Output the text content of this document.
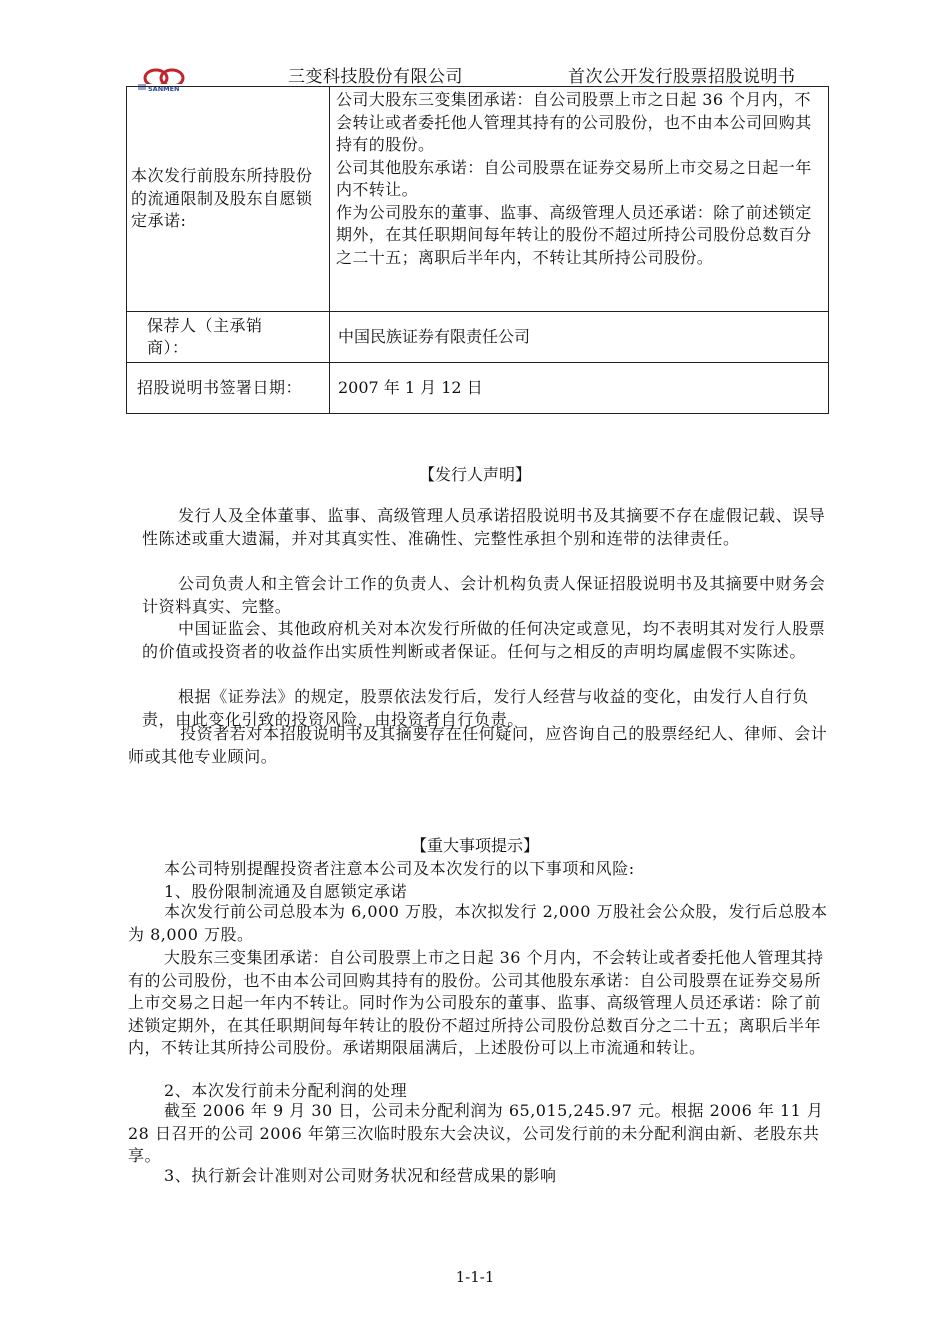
SANMEN
三变科技股份有限公司	首次公开发行股票招股说明书
本次发行前股东所持股份的流通限制及股东自愿锁定承诺:	公司大股东三变集团承诺：自公司股票上市之日起 36 个月内，不会转让或者委托他人管理其持有的公司股份，也不由本公司回购其持有的股份。

公司其他股东承诺：自公司股票在证券交易所上市交易之日起一年内不转让。

作为公司股东的董事、监事、高级管理人员还承诺：除了前述锁定期外，在其任职期间每年转让的股份不超过所持公司股份总数百分之二十五；离职后半年内，不转让其所持公司股份。

保荐人（主承销商）：	中国民族证券有限责任公司
招股说明书签署日期：	2007 年 1 月 12 日
【发行人声明】

发行人及全体董事、监事、高级管理人员承诺招股说明书及其摘要不存在虚假记载、误导性陈述或重大遗漏，并对其真实性、准确性、完整性承担个别和连带的法律责任。

公司负责人和主管会计工作的负责人、会计机构负责人保证招股说明书及其摘要中财务会计资料真实、完整。

中国证监会、其他政府机关对本次发行所做的任何决定或意见，均不表明其对发行人股票的价值或投资者的收益作出实质性判断或者保证。任何与之相反的声明均属虚假不实陈述。

根据《证券法》的规定，股票依法发行后，发行人经营与收益的变化，由发行人自行负责，由此变化引致的投资风险，由投资者自行负责。

投资者若对本招股说明书及其摘要存在任何疑问，应咨询自己的股票经纪人、律师、会计师或其他专业顾问。

【重大事项提示】
本公司特别提醒投资者注意本公司及本次发行的以下事项和风险:
1、股份限制流通及自愿锁定承诺

本次发行前公司总股本为 6,000 万股，本次拟发行 2,000 万股社会公众股，发行后总股本为 8,000 万股。

大股东三变集团承诺：自公司股票上市之日起 36 个月内，不会转让或者委托他人管理其持有的公司股份，也不由本公司回购其持有的股份。公司其他股东承诺：自公司股票在证券交易所上市交易之日起一年内不转让。同时作为公司股东的董事、监事、高级管理人员还承诺：除了前述锁定期外，在其任职期间每年转让的股份不超过所持公司股份总数百分之二十五；离职后半年内，不转让其所持公司股份。承诺期限届满后，上述股份可以上市流通和转让。

2、本次发行前未分配利润的处理

截至 2006 年 9 月 30 日，公司未分配利润为 65,015,245.97 元。根据 2006 年 11 月 28 日召开的公司 2006 年第三次临时股东大会决议，公司发行前的未分配利润由新、老股东共享。

3、执行新会计准则对公司财务状况和经营成果的影响
1-1-1
